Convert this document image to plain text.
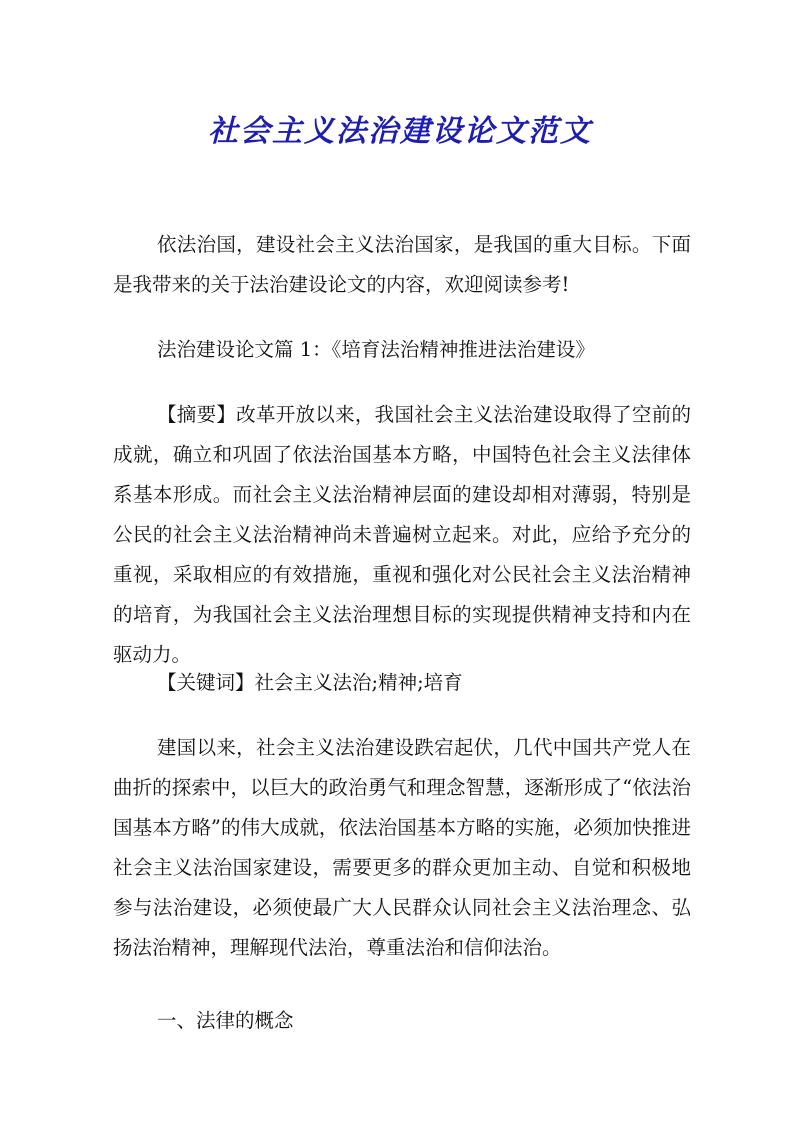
社会主义法治建设论文范文

依法治国，建设社会主义法治国家，是我国的重大目标。下面是我带来的关于法治建设论文的内容，欢迎阅读参考!

法治建设论文篇 1：《培育法治精神推进法治建设》

【摘要】改革开放以来，我国社会主义法治建设取得了空前的成就，确立和巩固了依法治国基本方略，中国特色社会主义法律体系基本形成。而社会主义法治精神层面的建设却相对薄弱，特别是公民的社会主义法治精神尚未普遍树立起来。对此，应给予充分的重视，采取相应的有效措施，重视和强化对公民社会主义法治精神的培育，为我国社会主义法治理想目标的实现提供精神支持和内在驱动力。

【关键词】社会主义法治;精神;培育

建国以来，社会主义法治建设跌宕起伏，几代中国共产党人在曲折的探索中，以巨大的政治勇气和理念智慧，逐渐形成了“依法治国基本方略”的伟大成就，依法治国基本方略的实施，必须加快推进社会主义法治国家建设，需要更多的群众更加主动、自觉和积极地参与法治建设，必须使最广大人民群众认同社会主义法治理念、弘扬法治精神，理解现代法治，尊重法治和信仰法治。

一、法律的概念
